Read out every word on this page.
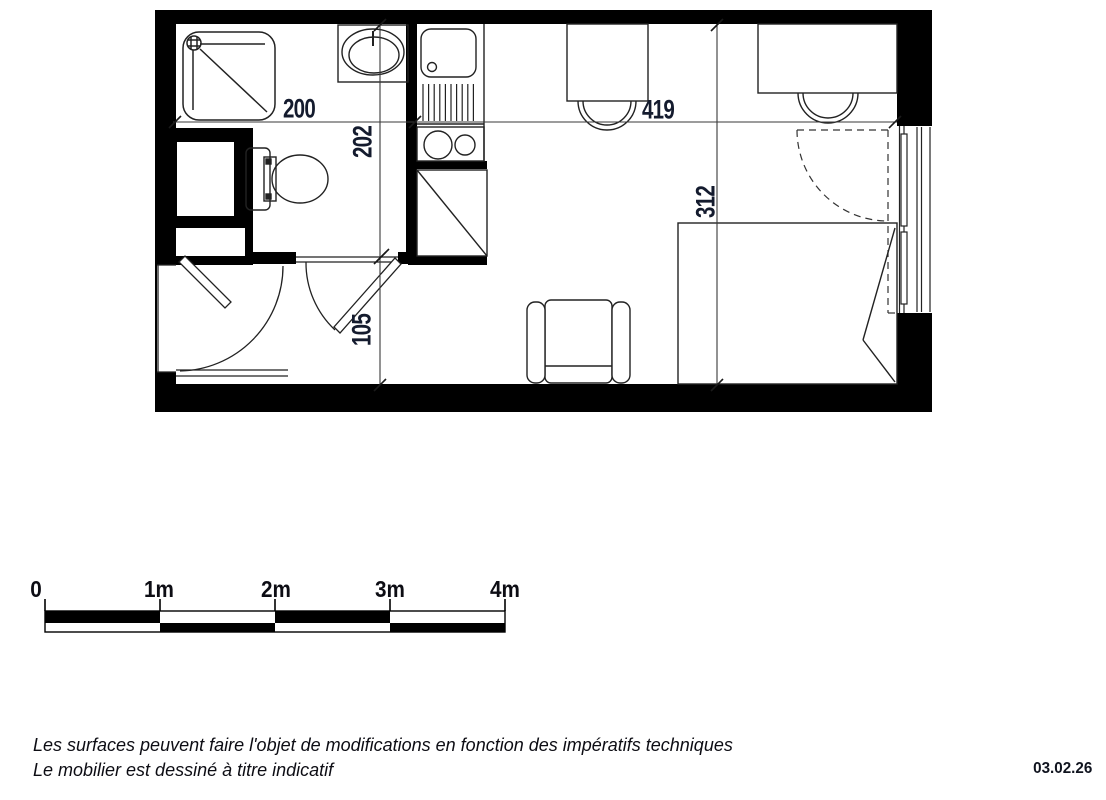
200	419
202
105
312
0	1m	2m	3m	4m
Les surfaces peuvent faire l'objet de modifications en fonction des impératifs techniques
Le mobilier est dessiné à titre indicatif	03.02.26
